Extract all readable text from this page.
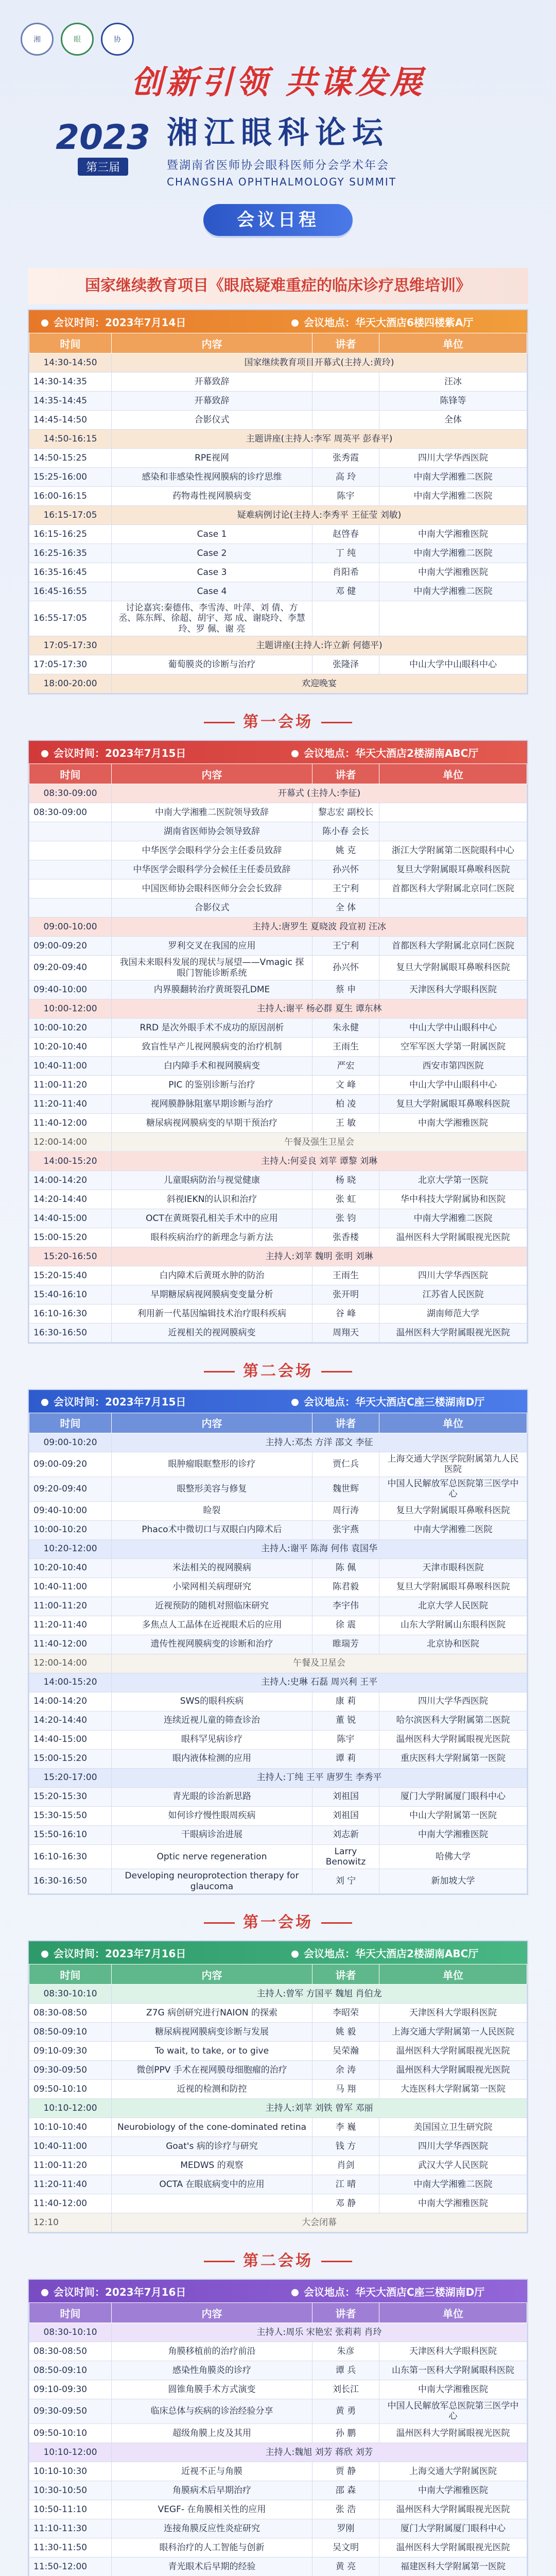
湘	眼	协
创新引领 共谋发展
2023
第三届
湘江眼科论坛
暨湖南省医师协会眼科医师分会学术年会
CHANGSHA OPHTHALMOLOGY SUMMIT
会议日程
国家继续教育项目《眼底疑难重症的临床诊疗思维培训》
会议时间：2023年7月14日	会议地点：华天大酒店6楼四楼紫A厅
时间	内容	讲者	单位
14:30-14:50	国家继续教育项目开幕式(主持人:黄玲)		
14:30-14:35	开幕致辞		汪冰
14:35-14:45	开幕致辞		陈锋等
14:45-14:50	合影仪式		全体
14:50-16:15	主题讲座(主持人:李军 周英平 彭春平)		
14:50-15:25	RPE视网	张秀霞	四川大学华西医院
15:25-16:00	感染和非感染性视网膜病的诊疗思维	高 玲	中南大学湘雅二医院
16:00-16:15	药物毒性视网膜病变	陈宇	中南大学湘雅二医院
16:15-17:05	疑难病例讨论(主持人:李秀平 王征莹 刘敏)		
16:15-16:25	Case 1	赵啓春	中南大学湘雅医院
16:25-16:35	Case 2	丁 纯	中南大学湘雅二医院
16:35-16:45	Case 3	肖阳希	中南大学湘雅医院
16:45-16:55	Case 4	邓 健	中南大学湘雅二医院
16:55-17:05	讨论嘉宾:秦德伟、李雪涛、叶萍、刘 倩、方 丞、陈东辉、徐超、胡宇、郑 成、谢晓玲、李慧玲、罗 佩、谢 亮		
17:05-17:30	主题讲座(主持人:许立新 何德平)		
17:05-17:30	葡萄膜炎的诊断与治疗	张隆泽	中山大学中山眼科中心
18:00-20:00	欢迎晚宴		
第一会场
会议时间：2023年7月15日	会议地点：华天大酒店2楼湖南ABC厅
时间	内容	讲者	单位
08:30-09:00	开幕式 (主持人:李征)		
08:30-09:00	中南大学湘雅二医院领导致辞	黎志宏 副校长	
	湖南省医师协会领导致辞	陈小春 会长	
	中华医学会眼科学分会主任委员致辞	姚 克	浙江大学附属第二医院眼科中心
	中华医学会眼科学分会候任主任委员致辞	孙兴怀	复旦大学附属眼耳鼻喉科医院
	中国医师协会眼科医师分会会长致辞	王宁利	首都医科大学附属北京同仁医院
	合影仪式	全 体	
09:00-10:00	主持人:唐罗生 夏晓波 段宣初 汪冰		
09:00-09:20	罗利交叉在我国的应用	王宁利	首都医科大学附属北京同仁医院
09:20-09:40	我国未来眼科发展的现状与展望——Vmagic 探眼门智能诊断系统	孙兴怀	复旦大学附属眼耳鼻喉科医院
09:40-10:00	内界膜翻转治疗黄斑裂孔DME	蔡 申	天津医科大学眼科医院
10:00-12:00	主持人:谢平 杨必群 夏生 谭东林		
10:00-10:20	RRD 是次外眼手术不成功的原因剖析	朱永健	中山大学中山眼科中心
10:20-10:40	致盲性早产儿视网膜病变的治疗机制	王雨生	空军军医大学第一附属医院
10:40-11:00	白内障手术和视网膜病变	严宏	西安市第四医院
11:00-11:20	PIC 的鉴别诊断与治疗	文 峰	中山大学中山眼科中心
11:20-11:40	视网膜静脉阻塞早期诊断与治疗	柏 凌	复旦大学附属眼耳鼻喉科医院
11:40-12:00	糖尿病视网膜病变的早期干预治疗	王 敏	中南大学湘雅医院
12:00-14:00	午餐及强生卫星会		
14:00-15:20	主持人:何妥良 刘苹 谭黎 刘琳		
14:00-14:20	儿童眼病防治与视觉健康	杨 晓	北京大学第一医院
14:20-14:40	斜视IEKN的认识和治疗	张 虹	华中科技大学附属协和医院
14:40-15:00	OCT在黄斑裂孔相关手术中的应用	张 钧	中南大学湘雅二医院
15:00-15:20	眼科疾病治疗的新理念与新方法	张香楼	温州医科大学附属眼视光医院
15:20-16:50	主持人:刘苹 魏明 张明 刘琳		
15:20-15:40	白内障术后黄斑水肿的防治	王雨生	四川大学华西医院
15:40-16:10	早期糖尿病视网膜病变变量分析	张开明	江苏省人民医院
16:10-16:30	利用新一代基因编辑技术治疗眼科疾病	谷 峰	湖南师范大学
16:30-16:50	近视相关的视网膜病变	周翔天	温州医科大学附属眼视光医院
第二会场
会议时间：2023年7月15日	会议地点：华天大酒店C座三楼湖南D厅
时间	内容	讲者	单位
09:00-10:20	主持人:邓杰 方洋 邵文 李征		
09:00-09:20	眼肿瘤眼眶整形的诊疗	贾仁兵	上海交通大学医学院附属第九人民医院
09:20-09:40	眼整形美容与修复	魏世辉	中国人民解放军总医院第三医学中心
09:40-10:00	睑裂	周行涛	复旦大学附属眼耳鼻喉科医院
10:00-10:20	Phaco术中微切口与双眼白内障术后	张宇燕	中南大学湘雅二医院
10:20-12:00	主持人:谢平 陈海 何伟 袁国华		
10:20-10:40	米法相关的视网膜病	陈 佩	天津市眼科医院
10:40-11:00	小梁网相关病理研究	陈君毅	复旦大学附属眼耳鼻喉科医院
11:00-11:20	近视预防的随机对照临床研究	李宇伟	北京大学人民医院
11:20-11:40	多焦点人工晶体在近视眼术后的应用	徐 震	山东大学附属山东眼科医院
11:40-12:00	遗传性视网膜病变的诊断和治疗	睢瑞芳	北京协和医院
12:00-14:00	午餐及卫星会		
14:00-15:20	主持人:史琳 石磊 周兴利 王平		
14:00-14:20	SWS的眼科疾病	康 莉	四川大学华西医院
14:20-14:40	连续近视儿童的筛查诊治	董 锐	哈尔滨医科大学附属第二医院
14:40-15:00	眼科罕见病诊疗	陈宇	温州医科大学附属眼视光医院
15:00-15:20	眼内液体检测的应用	谭 莉	重庆医科大学附属第一医院
15:20-17:00	主持人:丁纯 王平 唐罗生 李秀平		
15:20-15:30	青光眼的诊治新思路	刘祖国	厦门大学附属厦门眼科中心
15:30-15:50	如何诊疗慢性眼周疾病	刘祖国	中山大学附属第一医院
15:50-16:10	干眼病诊治进展	刘志新	中南大学湘雅医院
16:10-16:30	Optic nerve regeneration	Larry Benowitz	哈佛大学
16:30-16:50	Developing neuroprotection therapy for glaucoma	刘 宁	新加坡大学
第一会场
会议时间：2023年7月16日	会议地点：华天大酒店2楼湖南ABC厅
时间	内容	讲者	单位
08:30-10:10	主持人:曾军 方国平 魏旭 肖伯龙		
08:30-08:50	Z7G 病创研究进行NAION 的探索	李昭荣	天津医科大学眼科医院
08:50-09:10	糖尿病视网膜病变诊断与发展	姚 毅	上海交通大学附属第一人民医院
09:10-09:30	To wait, to take, or to give	吴荣瀚	温州医科大学附属眼视光医院
09:30-09:50	微创PPV 手术在视网膜母细胞瘤的治疗	余 涛	温州医科大学附属眼视光医院
09:50-10:10	近视的检测和防控	马 翔	大连医科大学附属第一医院
10:10-12:00	主持人:刘苹 刘铁 曾军 邓丽		
10:10-10:40	Neurobiology of the cone-dominated retina	李 巍	美国国立卫生研究院
10:40-11:00	Goat's 病的诊疗与研究	钱 方	四川大学华西医院
11:00-11:20	MEDWS 的观察	肖剑	武汉大学人民医院
11:20-11:40	OCTA 在眼底病变中的应用	江 晴	中南大学湘雅二医院
11:40-12:00		邓 静	中南大学湘雅医院
12:10	大会闭幕		
第二会场
会议时间：2023年7月16日	会议地点：华天大酒店C座三楼湖南D厅
时间	内容	讲者	单位
08:30-10:10	主持人:周乐 宋艳宏 张莉莉 肖玲		
08:30-08:50	角膜移植前的治疗前沿	朱彦	天津医科大学眼科医院
08:50-09:10	感染性角膜炎的诊疗	谭 兵	山东第一医科大学附属眼科医院
09:10-09:30	圆锥角膜手术方式演变	刘长江	中南大学湘雅医院
09:30-09:50	临床总体与疾病的诊治经验分享	黄 勇	中国人民解放军总医院第三医学中心
09:50-10:10	超级角膜上皮及其用	孙 鹏	温州医科大学附属眼视光医院
10:10-12:00	主持人:魏旭 刘芳 蒋欣 刘芳		
10:10-10:30	近视不正与角膜	贾 静	上海交通大学附属医院
10:30-10:50	角膜病术后早期治疗	邵 森	中南大学湘雅医院
10:50-11:10	VEGF- 在角膜相关性的应用	张 浩	温州医科大学附属眼视光医院
11:10-11:30	连接角膜反应性炎症研究	罗刚	厦门大学附属厦门眼科中心
11:30-11:50	眼科治疗的人工智能与创新	吴文明	温州医科大学附属眼视光医院
11:50-12:00	青光眼术后早期的经验	黄 亮	福建医科大学附属第一医院
